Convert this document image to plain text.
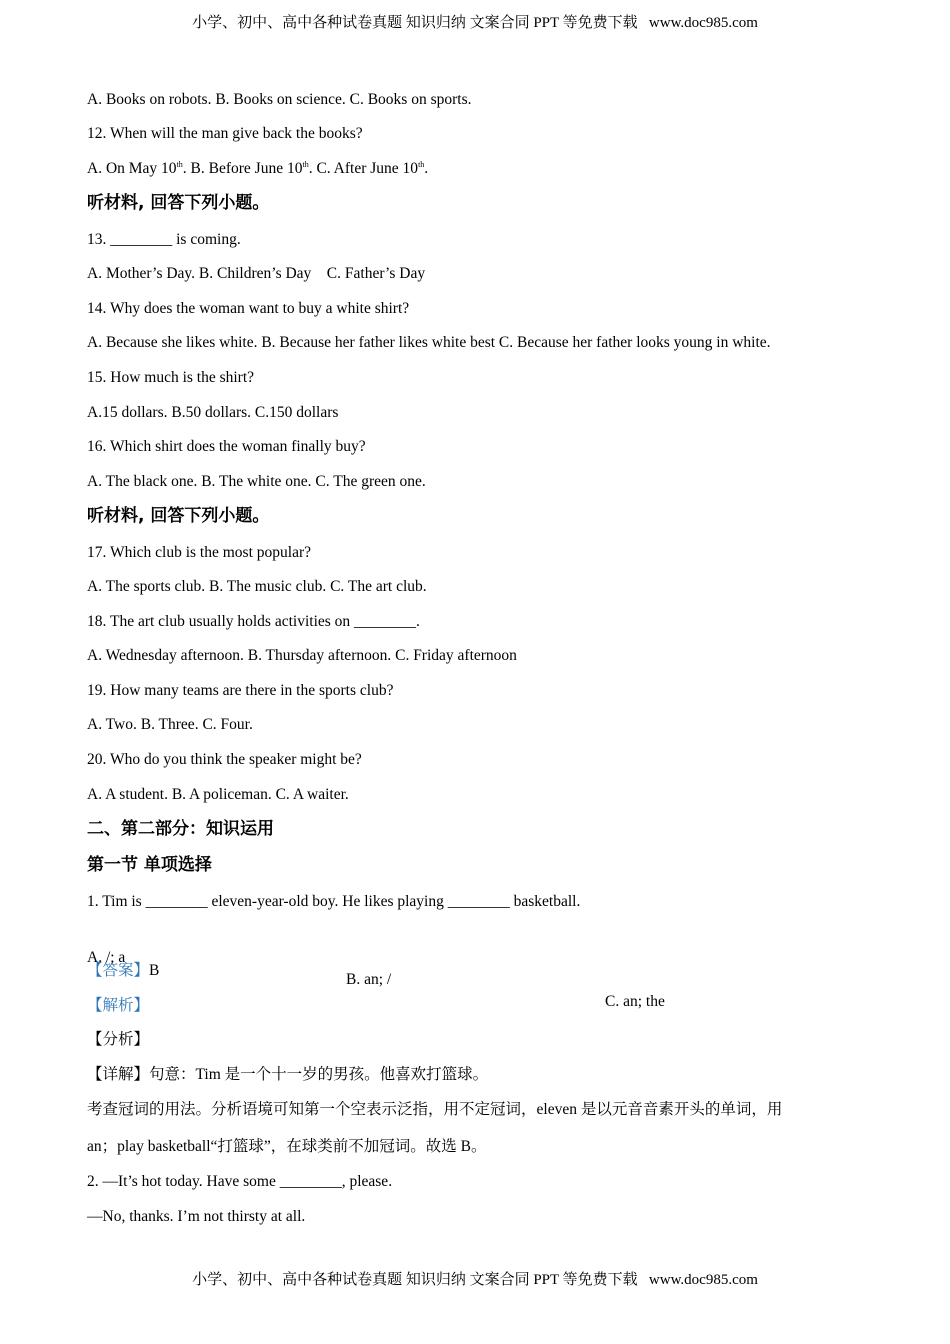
小学、初中、高中各种试卷真题 知识归纳 文案合同 PPT 等免费下载   www.doc985.com
A. Books on robots. B. Books on science. C. Books on sports.
12. When will the man give back the books?
A. On May 10th. B. Before June 10th. C. After June 10th.
听材料, 回答下列小题。
13. ________ is coming.
A. Mother’s Day. B. Children’s Day    C. Father’s Day
14. Why does the woman want to buy a white shirt?
A. Because she likes white. B. Because her father likes white best C. Because her father looks young in white.
15. How much is the shirt?
A.15 dollars. B.50 dollars. C.150 dollars
16. Which shirt does the woman finally buy?
A. The black one. B. The white one. C. The green one.
听材料, 回答下列小题。
17. Which club is the most popular?
A. The sports club. B. The music club. C. The art club.
18. The art club usually holds activities on ________.
A. Wednesday afternoon. B. Thursday afternoon. C. Friday afternoon
19. How many teams are there in the sports club?
A. Two. B. Three. C. Four.
20. Who do you think the speaker might be?
A. A student. B. A policeman. C. A waiter.
二、第二部分：知识运用
第一节 单项选择
1. Tim is ________ eleven-year-old boy. He likes playing ________ basketball.

A. /; a

B. an; /

C. an; the

【答案】B
【解析】
【分析】
【详解】句意：Tim 是一个十一岁的男孩。他喜欢打篮球。
考查冠词的用法。分析语境可知第一个空表示泛指，用不定冠词，eleven 是以元音音素开头的单词，用
an；play basketball“打篮球”，在球类前不加冠词。故选 B。
2. —It’s hot today. Have some ________, please.
—No, thanks. I’m not thirsty at all.
小学、初中、高中各种试卷真题 知识归纳 文案合同 PPT 等免费下载   www.doc985.com
